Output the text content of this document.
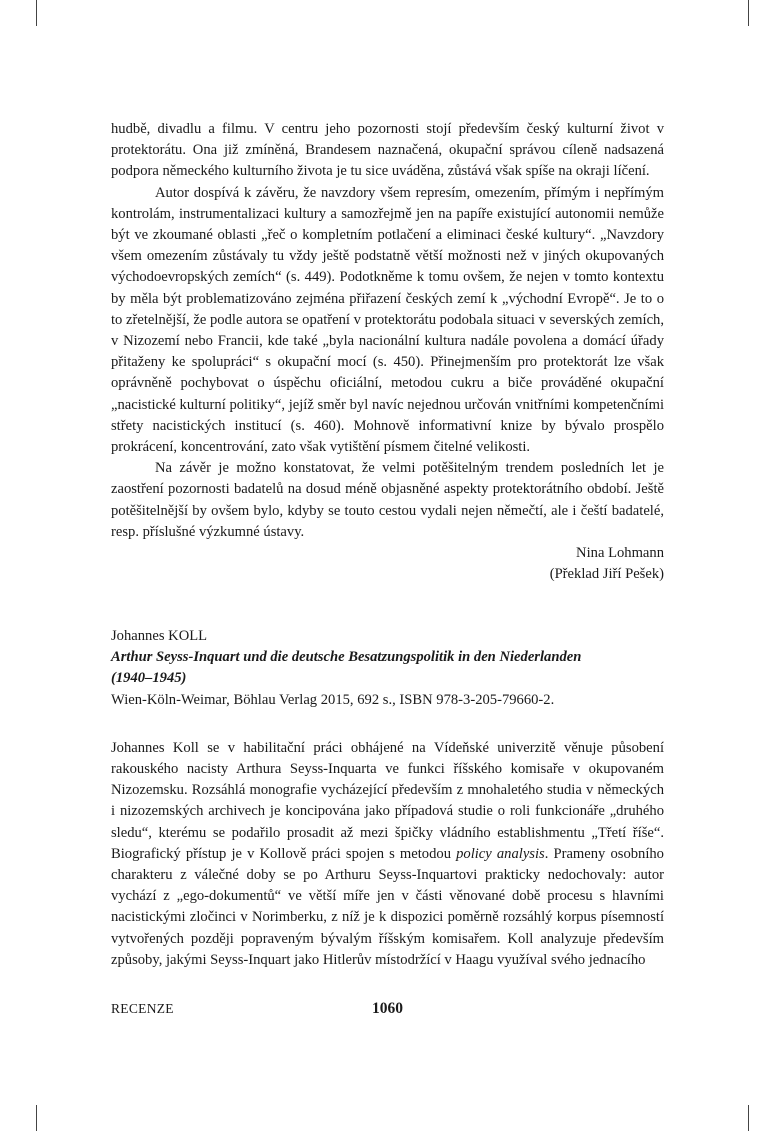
hudbě, divadlu a filmu. V centru jeho pozornosti stojí především český kulturní život v protektorátu. Ona již zmíněná, Brandesem naznačená, okupační správou cíleně nadsazená podpora německého kulturního života je tu sice uváděna, zůstává však spíše na okraji líčení.

Autor dospívá k závěru, že navzdory všem represím, omezením, přímým i nepřímým kontrolám, instrumentalizaci kultury a samozřejmě jen na papíře existující autonomii nemůže být ve zkoumané oblasti „řeč o kompletním potlačení a eliminaci české kultury“. „Navzdory všem omezením zůstávaly tu vždy ještě podstatně větší možnosti než v jiných okupovaných východoevropských zemích“ (s. 449). Podotkněme k tomu ovšem, že nejen v tomto kontextu by měla být problematizováno zejména přiřazení českých zemí k „východní Evropě“. Je to o to zřetelnější, že podle autora se opatření v protektorátu podobala situaci v severských zemích, v Nizozemí nebo Francii, kde také „byla nacionální kultura nadále povolena a domácí úřady přitaženy ke spolupráci“ s okupační mocí (s. 450). Přinejmenším pro protektorát lze však oprávněně pochybovat o úspěchu oficiální, metodou cukru a biče prováděné okupační „nacistické kulturní politiky“, jejíž směr byl navíc nejednou určován vnitřními kompetenčními střety nacistických institucí (s. 460). Mohnově informativní knize by bývalo prospělo prokrácení, koncentrování, zato však vytištění písmem čitelné velikosti.

Na závěr je možno konstatovat, že velmi potěšitelným trendem posledních let je zaostření pozornosti badatelů na dosud méně objasněné aspekty protektorátního období. Ještě potěšitelnější by ovšem bylo, kdyby se touto cestou vydali nejen němečtí, ale i čeští badatelé, resp. příslušné výzkumné ústavy.

Nina Lohmann

(Překlad Jiří Pešek)

Johannes KOLL

Arthur Seyss-Inquart und die deutsche Besatzungspolitik in den Niederlanden
(1940–1945)

Wien-Köln-Weimar, Böhlau Verlag 2015, 692 s., ISBN 978-3-205-79660-2.

Johannes Koll se v habilitační práci obhájené na Vídeňské univerzitě věnuje působení rakouského nacisty Arthura Seyss-Inquarta ve funkci říšského komisaře v okupovaném Nizozemsku. Rozsáhlá monografie vycházející především z mnohaletého studia v německých i nizozemských archivech je koncipována jako případová studie o roli funkcionáře „druhého sledu“, kterému se podařilo prosadit až mezi špičky vládního establishmentu „Třetí říše“. Biografický přístup je v Kollově práci spojen s metodou policy analysis. Prameny osobního charakteru z válečné doby se po Arthuru Seyss-Inquartovi prakticky nedochovaly: autor vychází z „ego-dokumentů“ ve větší míře jen v části věnované době procesu s hlavními nacistickými zločinci v Norimberku, z níž je k dispozici poměrně rozsáhlý korpus písemností vytvořených později popraveným bývalým říšským komisařem. Koll analyzuje především způsoby, jakými Seyss-Inquart jako Hitlerův místodržící v Haagu využíval svého jednacího

RECENZE	1060
